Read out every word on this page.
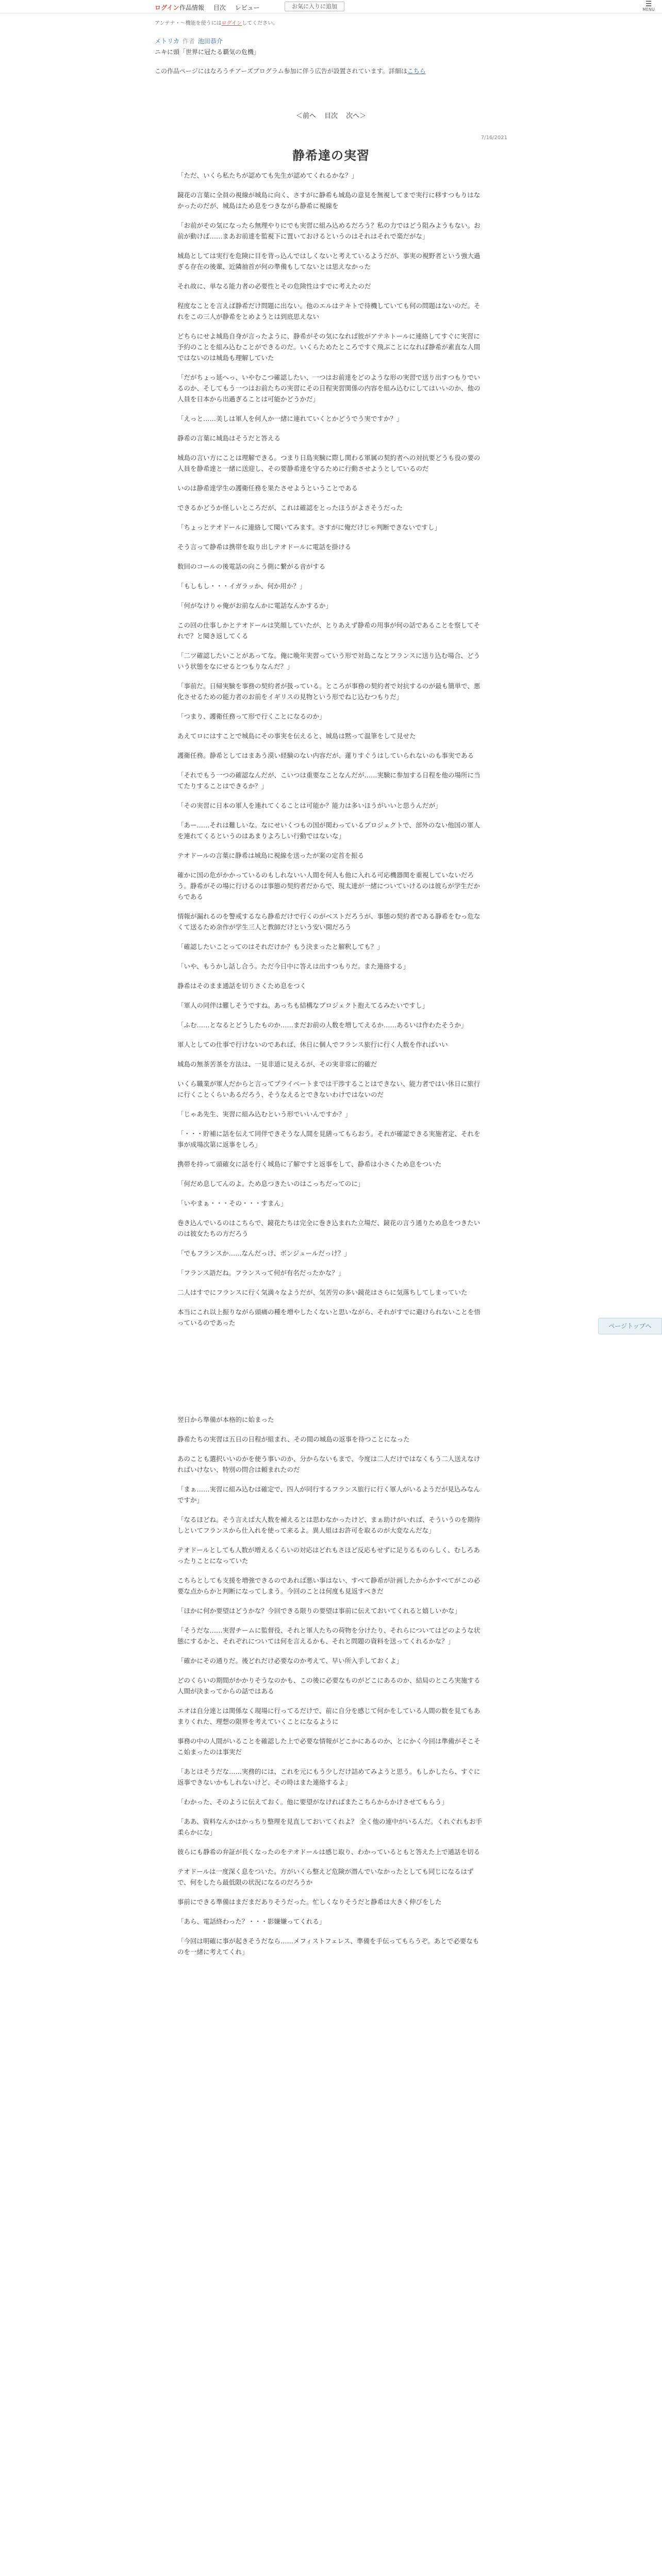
ログイン 作品情報 目次 レビュー	お気に入りに追加	☰
MENU
アンテナ・〜機能を使うにはログインしてください。
メトリカ 作者 池田恭介
ニキに頭「世界に冠たる覇気の危機」
この作品ページにはなろうチアーズプログラム参加に伴う広告が設置されています。詳細はこちら
＜前へ 目次 次へ＞
7/16/2021
静希達の実習

「ただ、いくら私たちが認めても先生が認めてくれるかな？」

鏡花の言葉に全員の視線が城島に向く、さすがに静希も城島の意見を無視してまで実行に移すつもりはなかったのだが、城島はため息をつきながら静希に視線を

「お前がその気になったら無理やりにでも実習に組み込めるだろう？私の力ではどう阻みようもない。お前が動けば……まあお前達を監視下に置いておけるというのはそれはそれで楽だがな」

城島としては実行を危険に目を背っ込んではしくないと考えているようだが、事実の視野者という強大過ぎる存在の後輩、近隣抽首が何の準備もしてないとは思えなかった

それ故に、単なる能力者の必要性とその危険性はすでに考えたのだ

程度なことを言えば静希だけ問題に出ない。他のエルはテキトで待機していても何の問題はないのだ。それをこの三人が静希をとめようとは到底思えない

どちらにせよ城島自身が言ったように、静希がその気になれば彼がアテネトールに連絡してすぐに実習に予約のことを組み込むことができるのだ。いくらためたところですぐ飛ぶことになれば静希が素直な人間ではないのは城島も理解していた

「だがちょっ延へっ、いやむこつ確認したい、一つはお前達をどのような形の実習で送り出すつもりでいるのか、そしてもう一つはお前たちの実習にその日程実習関係の内容を組み込むにしてはいいのか、他の人員を日本から出過ぎることは可能かどうかだ」

「えっと……美しは軍人を何人か一緒に連れていくとかどうでう実ですか？」

静希の言葉に城島はそうだと答える

城島の言い方にことは理解できる。つまり日島実験に際し関わる軍属の契約者への対抗要どうも役の要の人員を静希達と一緒に送迎し、その要静希達を守るために行動させようとしているのだ

いのは静希達学生の護衛任務を果たさせようということである

できるかどうか怪しいところだが、これは確認をとったほうがよさそうだった

「ちょっとテオドールに連絡して聞いてみます。さすがに俺だけじゃ判断できないですし」

そう言って静希は携帯を取り出しテオドールに電話を掛ける

数回のコールの後電話の向こう側に繋がる音がする

「もしもし・・・イガラッか、何か用か？」

「何がなけりゃ俺がお前なんかに電話なんかするか」

この回の仕事しかとテオドールは笑顔していたが、とりあえず静希の用事が何の話であることを察してそれで？と聞き返してくる

「二ツ確認したいことがあってな。俺に晩年実習っていう形で対島こなとフランスに送り込む場合、どういう状態をなにせるとつもりなんだ？」

「事前だ。日帰実験を事務の契約者が扱っている。ところが事務の契約者で対抗するのが最も簡単で、悪化させるための能力者のお前をイギリスの見物という形でねじ込むつもりだ」

「つまり、護衛任務って形で行くことになるのか」

あえてロにはすことで城島にその事実を伝えると、城島は黙って温筆をして見せた

護衛任務。静希としてはまあう漠い経験のない内容だが、蓮りすぐうはしていられないのも事実である

「それでもう一つの確認なんだが、こいつは重要なことなんだが……実験に参加する日程を他の場所に当てたりすることはできるか？」

「その実習に日本の軍人を連れてくることは可能か？能力は多いほうがいいと思うんだが」

「あー……それは難しいな。なにせいくつもの国が関わっているプロジェクトで、部外のない他国の軍人を連れてくるというのはあまりよろしい行動ではないな」

テオドールの言葉に静希は城島に視線を送ったが案の定首を振る

確かに国の危がかかっているのもしれないい人間を何人も他に入れる可応機器関を重視していないだろう。静希がその場に行けるのは事態の契約者だからで、現太達が一緒についていけるのは彼らが学生だからである

情報が漏れるのを警戒するなら静希だけで行くのがベストだろうが、事態の契約者である静希をむっ危なくて送るため余作が学生三人と教師だけという安い開だろう

「確認したいことってのはそれだけか？もう決まったと解釈しても？」

「いや、もうかし話し合う。ただ今日中に答えは出すつもりだ。また連絡する」

静希はそのまま通話を切りさくため息をつく

「軍人の同伴は難しそうですね。あっちも結構なプロジェクト抱えてるみたいですし」

「ふむ……となるとどうしたものか……まだお前の人数を増してえるか……あるいは作わたそうか」

軍人としての仕事で行けないのであれば、休日に個人でフランス旅行に行く人数を作ればいい

城島の無茶苦茶を方法は、一見非道に見えるが、その実非常に的確だ

いくら職業が軍人だからと言ってプライベートまでは干渉することはできない、能力者ではい休日に旅行に行くことくらいあるだろう、そうなえるとできないわけではないのだ

「じゃあ先生、実習に組み込むという形でいいんですか？」

「・・・貯補に話を伝えて同伴できそうな人間を見繕ってもらおう。それが確認できる実施者定、それを事が成場次第に返事をしろ」

携帯を持って頭確女に話を行く城島に了解ですと返事をして、静希は小さくため息をついた

「何だめ息してんのよ。ため息つきたいのはこっちだってのに」

「いやまぁ・・・その・・・すまん」

巻き込んでいるのはこちらで、鏡花たちは完全に巻き込まれた立場だ、鏡花の言う通りため息をつきたいのは彼女たちの方だろう

「でもフランスか……なんだっけ、ボンジュールだっけ？」

「フランス語だね。フランスって何が有名だったかな？」

二人はすでにフランスに行く気満々なようだが、気苦労の多い鏡花はさらに気落ちしてしまっていた

本当にこれ以上振りながら頭痛の種を増やしたくないと思いながら、それがすでに避けられないことを悟っているのであった

翌日から準備が本格的に始まった

静希たちの実習は五日の日程が組まれ、その間の城島の返事を待つことになった

あのことも選択いいのかを使う事いのか、分からないもまで、今度は二人だけではなくもう二人送えなければいけない、特別の問合は頼まれたのだ

「まぁ……実習に組み込むは確定で、四人が同行するフランス旅行に行く軍人がいるようだが見込みなんですか」

「なるほどね。そう言えば大人数を補えるとは思わなかったけど、まぁ助けがいれば、そういうのを期待しといてフランスから仕入れを使って来るよ。異人組はお許可を取るのが大変なんだな」

テオドールとしても人数が増えるくらいの対応はどれもさほど反応もせずに足りるものらしく、むしろあったりことになっていた

こちらとしても支援を増強できるのであれば悪い事はない、すべて静希が計画したからかすべてがこの必要な点からかと判断になってしまう。今回のことは何度も見返すべきだ

「ほかに何か要望はどうかな？今回できる限りの要望は事前に伝えておいてくれると嬉しいかな」

「そうだな……実習チームに監督役、それと軍人たちの荷物を分けたり、それらについてはどのような状態にするかと、それぞれについては何を言えるかも、それと問題の資料を送ってくれるかな？」

「確かにその通りだ。後どれだけ必要なのか考えて、早い所入手しておくよ」

どのくらいの期間がかかりそうなのかも、この後に必要なものがどこにあるのか、結局のところ実施する人間が決まってからの話ではある

エオは自分達とは関係なく現場に行ってるだけで、前に自分を感じて何かをしている人間の数を見てもあまりくれた、理想の限界を考えていくことになるように

事務の中の人間がいることを確認した上で必要な情報がどこかにあるのか、とにかく今回は準備がそこそこ始まったのは事実だ

「あとはそうだな……実務的には、これを元にもう少しだけ詰めてみようと思う。もしかしたら、すぐに返事できないかもしれないけど、その時はまた連絡するよ」

「わかった、そのように伝えておく。他に要望がなければまたこちらからかけさせてもらう」

「ああ、資料なんかはかっちり整理を見直しておいてくれよ？ 全く他の連中がいるんだ。くれぐれもお手柔らかにな」

彼らにも静希の弁証が長くなったのをテオドールは感じ取り、わかっているともと答えた上で通話を切る

テオドールは一度深く息をついた。方がいくら整えど危険が潜んでいなかったとしても同じになるはずで、何をしたら最低限の状況になるのだろうか

事前にできる準備はまだまだありそうだった。忙しくなりそうだと静希は大きく伸びをした

「あら、電話終わった？・・・影嫌嫌ってくれる」

「今回は明確に事が起きそうだなら……メフィストフェレス、準備を手伝ってもらうぞ。あとで必要なものを一緒に考えてくれ」

ページトップへ
